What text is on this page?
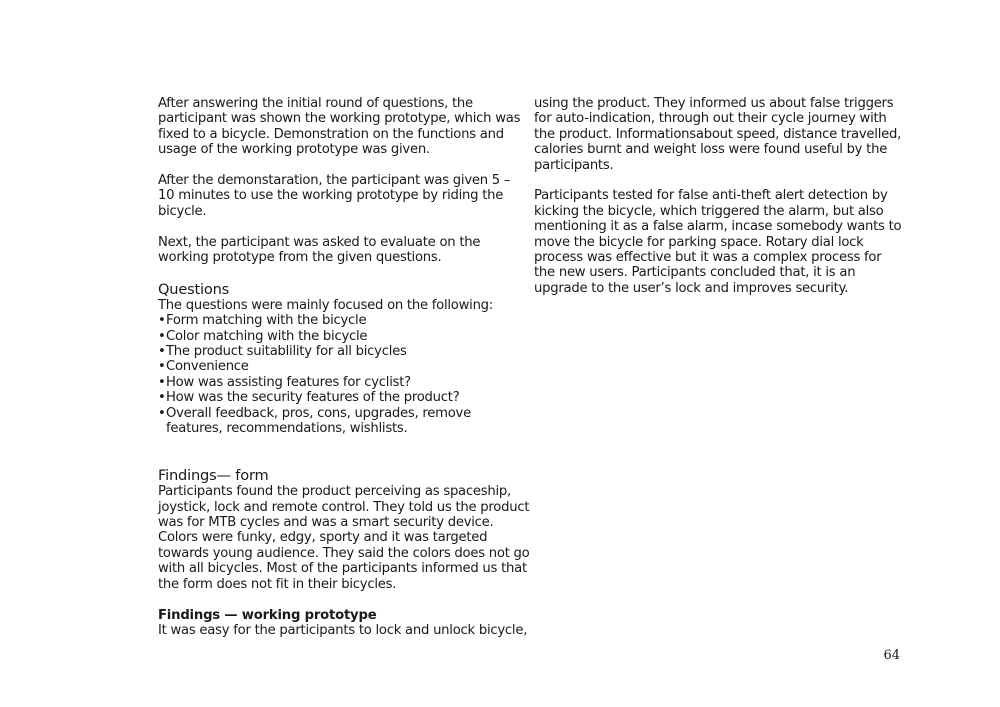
After answering the initial round of questions, the participant was shown the working prototype, which was fixed to a bicycle. Demonstration on the functions and usage of the working prototype was given.

After the demonstaration, the participant was given 5 – 10 minutes to use the working prototype by riding the bicycle.

Next, the participant was asked to evaluate on the working prototype from the given questions.

Questions
The questions were mainly focused on the following:
• Form matching with the bicycle
• Color matching with the bicycle
• The product suitablility for all bicycles
• Convenience
• How was assisting features for cyclist?
• How was the security features of the product?
• Overall feedback, pros, cons, upgrades, remove features, recommendations, wishlists.
Findings— form

Participants found the product perceiving as spaceship, joystick, lock and remote control. They told us the product was for MTB cycles and was a smart security device. Colors were funky, edgy, sporty and it was targeted towards young audience. They said the colors does not go with all bicycles. Most of the participants informed us that the form does not fit in their bicycles.

Findings — working prototype
It was easy for the participants to lock and unlock bicycle,

using the product. They informed us about false triggers for auto-indication, through out their cycle journey with the product. Informationsabout speed, distance travelled, calories burnt and weight loss were found useful by the participants.

Participants tested for false anti-theft alert detection by kicking the bicycle, which triggered the alarm, but also mentioning it as a false alarm, incase somebody wants to move the bicycle for parking space. Rotary dial lock process was effective but it was a complex process for the new users. Participants concluded that, it is an upgrade to the user’s lock and improves security.

64
